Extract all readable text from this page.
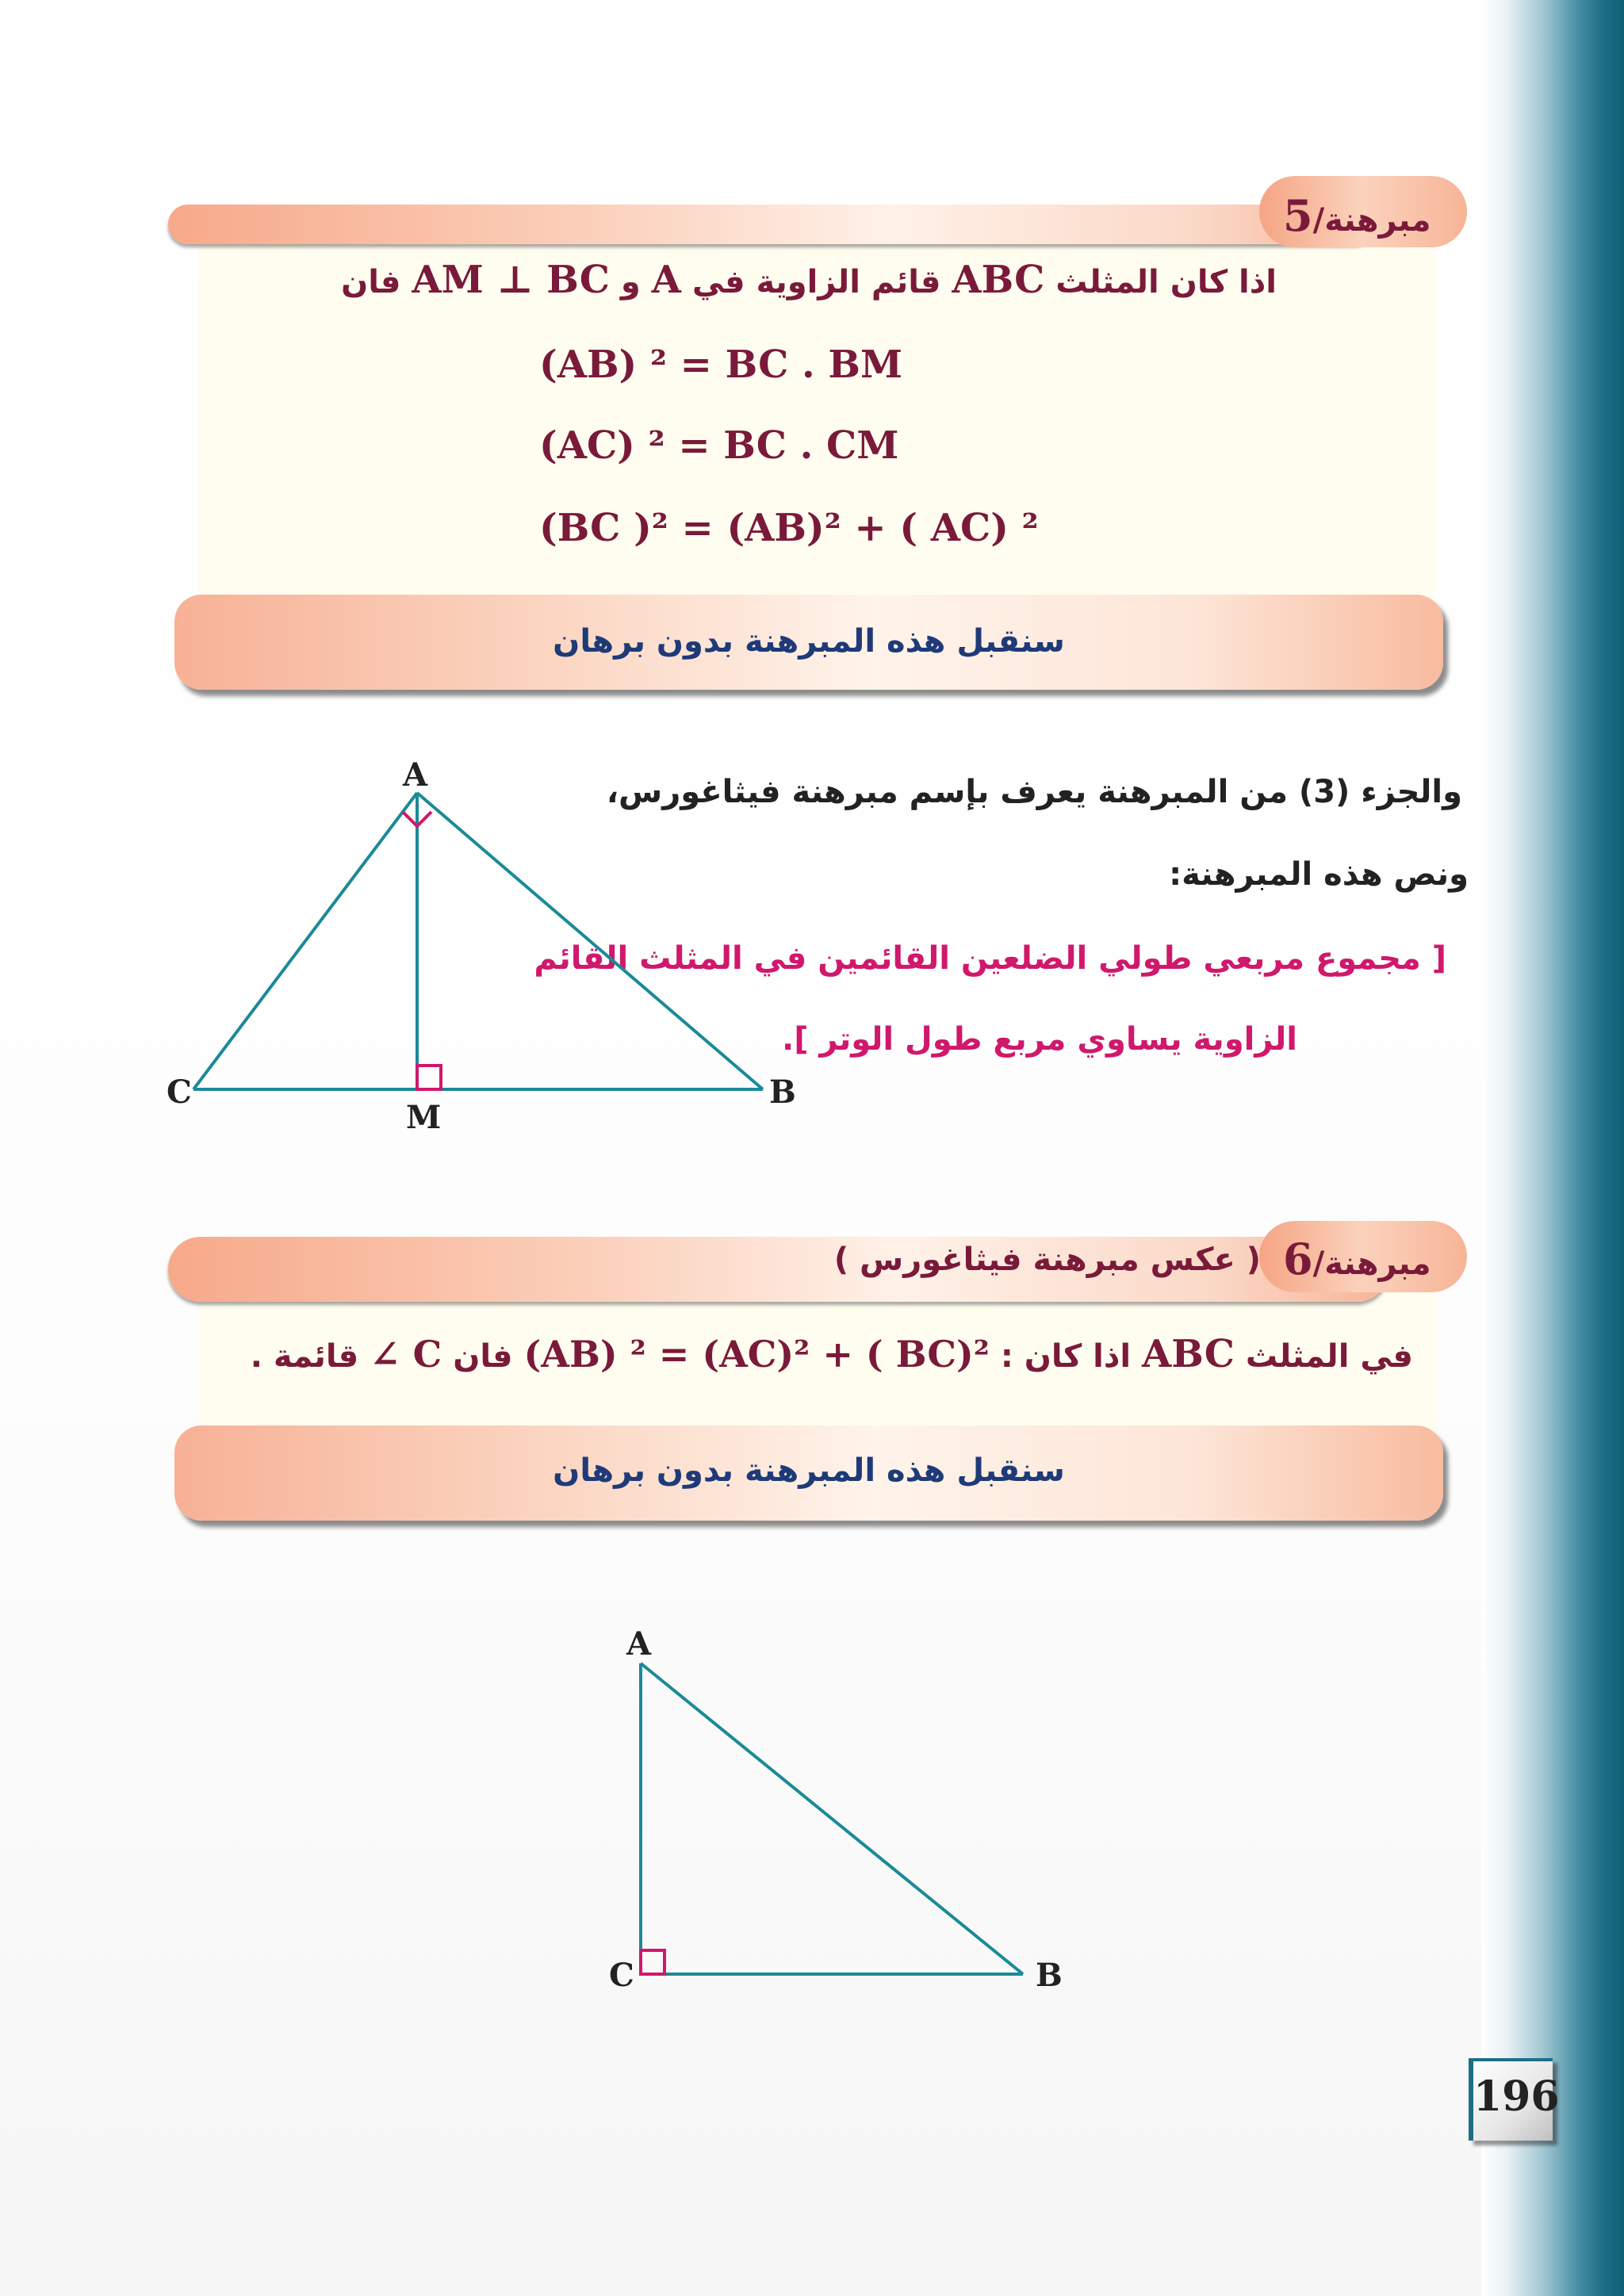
مبرهنة/5
اذا كان المثلث ABC قائم الزاوية في A و AM ⊥ BC فان
(AB) ² = BC . BM
(AC) ² = BC . CM
(BC )² = (AB)² + ( AC) ²
سنقبل هذه المبرهنة بدون برهان
والجزء (3) من المبرهنة يعرف بإسم مبرهنة فيثاغورس،
ونص هذه المبرهنة:
[ مجموع مربعي طولي الضلعين القائمين في المثلث القائم
الزاوية يساوي مربع طول الوتر ].
A
C	B
M
مبرهنة/6
( عكس مبرهنة فيثاغورس )
في المثلث ABC اذا كان : (AB) ² = (AC)² + ( BC)² فان ∠ C قائمة .
سنقبل هذه المبرهنة بدون برهان
A
C	B
196
